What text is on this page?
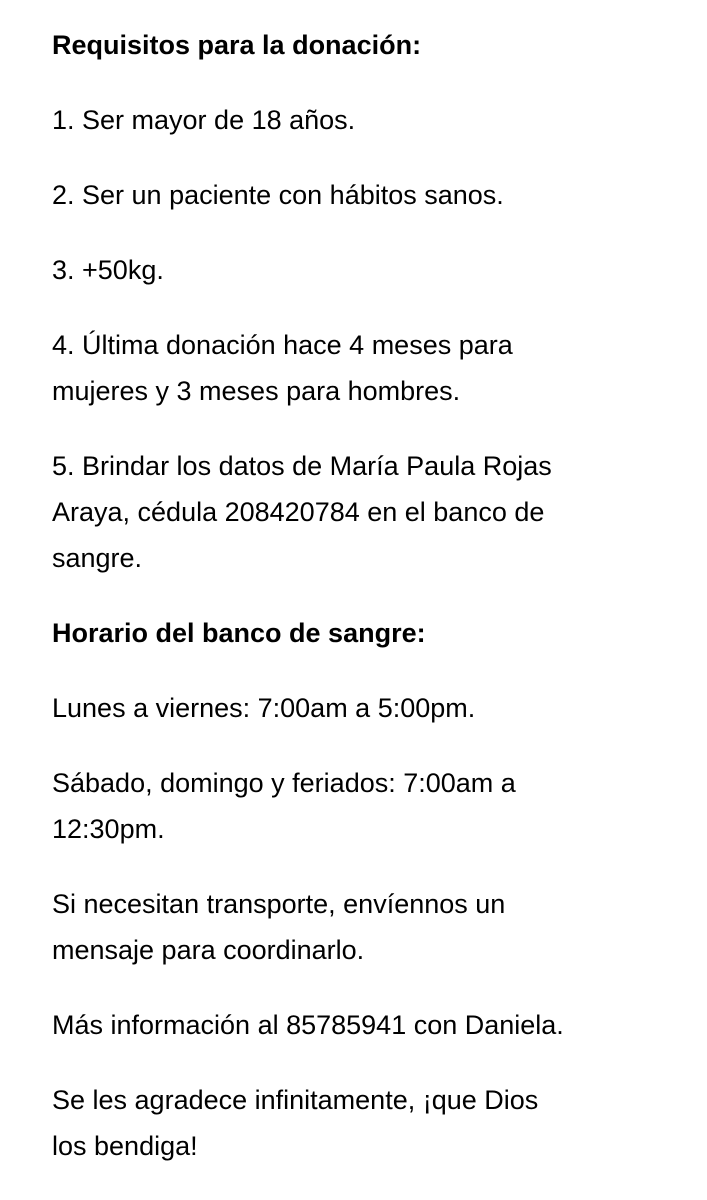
Requisitos para la donación:

1. Ser mayor de 18 años.

2. Ser un paciente con hábitos sanos.

3. +50kg.

4. Última donación hace 4 meses para

mujeres y 3 meses para hombres.

5. Brindar los datos de María Paula Rojas

Araya, cédula 208420784 en el banco de

sangre.

Horario del banco de sangre:

Lunes a viernes: 7:00am a 5:00pm.

Sábado, domingo y feriados: 7:00am a

12:30pm.

Si necesitan transporte, envíennos un

mensaje para coordinarlo.

Más información al 85785941 con Daniela.

Se les agradece infinitamente, ¡que Dios

los bendiga!
